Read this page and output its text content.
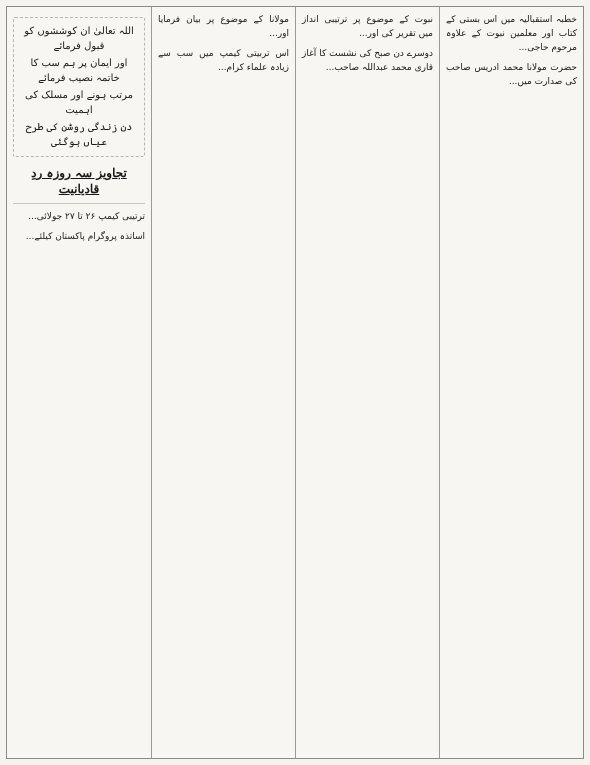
خطبہ استقبالیہ میں اس بستی کے کتاب اور معلمین نبوت کے علاوہ مرحوم حاجی...

حضرت مولانا محمد ادریس صاحب کی صدارت میں...

نبوت کے موضوع پر ترتیبی انداز میں تقریر کی اور...

دوسرے دن صبح کی نشست کا آغاز قاری محمد عبداللہ صاحب...

مولانا کے موضوع پر بیان فرمایا اور...

اس تربیتی کیمپ میں سب سے زیادہ علماء کرام...

اللہ تعالیٰ ان کوششوں کو قبول فرمائے
اور ایمان پر ہم سب کا خاتمہ نصیب فرمائے
مرتب ہونے اور مسلک کی اہمیت
دن زندگی روشن کی طرح عیاں ہوگئی
تجاویز سہ روزہ ردِ قادیانیت

ترتیبی کیمپ ۲۶ تا ۲۷ جولائی...

اساتذہ پروگرام پاکستان کیلئے...
